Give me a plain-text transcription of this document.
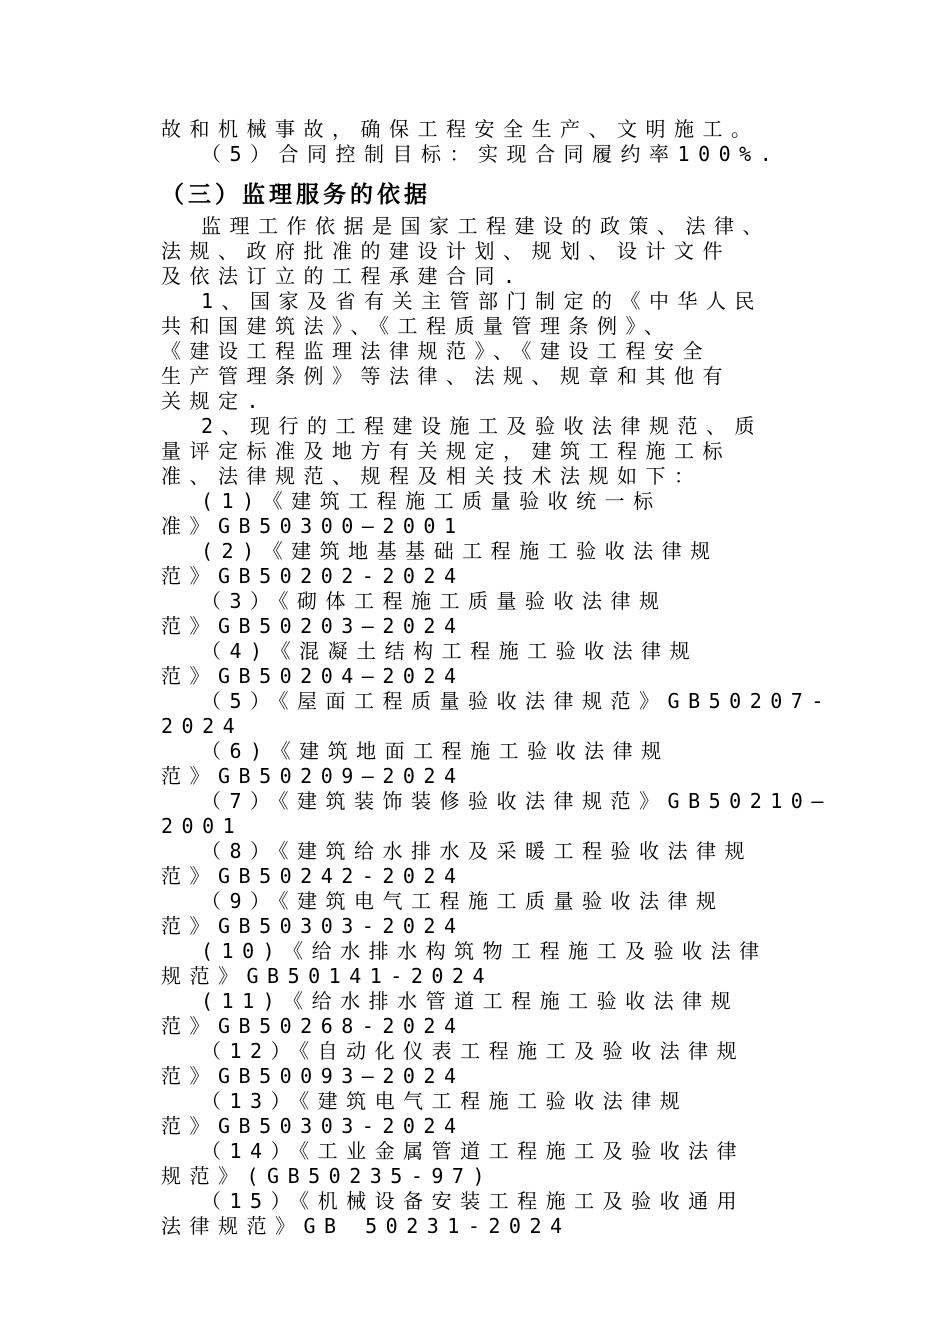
故和机械事故，确保工程安全生产、文明施工。
（5）合同控制目标：实现合同履约率100%.
（三）监理服务的依据
监理工作依据是国家工程建设的政策、法律、
法规、政府批准的建设计划、规划、设计文件
及依法订立的工程承建合同.
1、国家及省有关主管部门制定的《中华人民
共和国建筑法》、《工程质量管理条例》、
《建设工程监理法律规范》、《建设工程安全
生产管理条例》等法律、法规、规章和其他有
关规定.
2、现行的工程建设施工及验收法律规范、质
量评定标准及地方有关规定，建筑工程施工标
准、法律规范、规程及相关技术法规如下：
(1)《建筑工程施工质量验收统一标
准》GB50300—2001
(2)《建筑地基基础工程施工验收法律规
范》GB50202-2024
（3）《砌体工程施工质量验收法律规
范》GB50203—2024
（4)《混凝土结构工程施工验收法律规
范》GB50204—2024
（5）《屋面工程质量验收法律规范》GB50207-
2024
（6)《建筑地面工程施工验收法律规
范》GB50209—2024
（7）《建筑装饰装修验收法律规范》GB50210—
2001
（8）《建筑给水排水及采暖工程验收法律规
范》GB50242-2024
（9）《建筑电气工程施工质量验收法律规
范》GB50303-2024
(10)《给水排水构筑物工程施工及验收法律
规范》GB50141-2024
(11)《给水排水管道工程施工验收法律规
范》GB50268-2024
（12）《自动化仪表工程施工及验收法律规
范》GB50093—2024
（13）《建筑电气工程施工验收法律规
范》GB50303-2024
（14）《工业金属管道工程施工及验收法律
规范》(GB50235-97)
（15）《机械设备安装工程施工及验收通用
法律规范》GB 50231-2024
